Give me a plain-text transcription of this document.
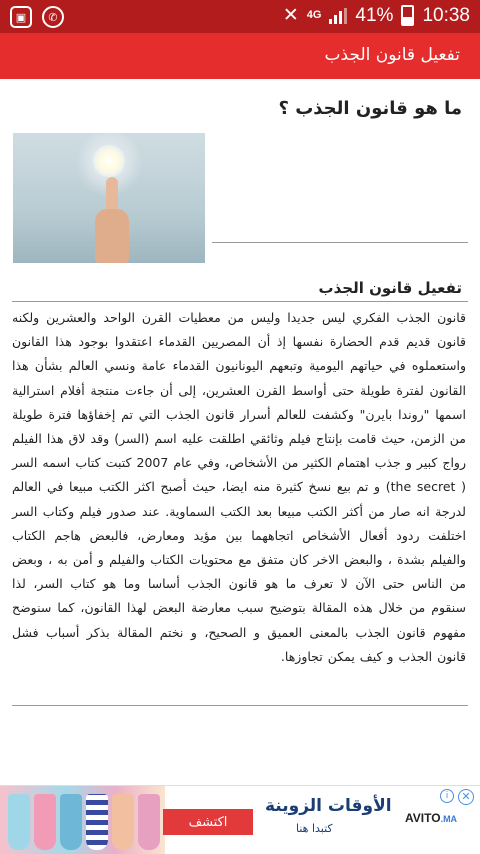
▣	✆	✕ 4G 41% 10:38
تفعيل قانون الجذب
ما هو قانون الجذب ؟
تفعيل قانون الجذب
قانون الجذب الفكري ليس جديدا وليس من معطيات القرن الواحد والعشرين ولكنه قانون قديم قدم الحضارة نفسها إذ أن المصريين القدماء اعتقدوا بوجود هذا القانون واستعملوه في حياتهم اليومية وتبعهم اليونانيون القدماء عامة ونسي العالم بشأن هذا القانون لفترة طويلة حتى أواسط القرن العشرين، إلى أن جاءت منتجة أفلام استرالية اسمها "روندا بايرن" وكشفت للعالم أسرار قانون الجذب التي تم إخفاؤها فترة طويلة من الزمن، حيث قامت بإنتاج فيلم وثائقي اطلقت عليه اسم (السر) وقد لاق هذا الفيلم رواج كبير و جذب اهتمام الكثير من الأشخاص، وفي عام 2007 كتبت كتاب اسمه السر ( the secret) و تم بيع نسخ كثيرة منه ايضا، حيث أصبح اكثر الكتب مبيعا في العالم لدرجة انه صار من أكثر الكتب مبيعا بعد الكتب السماوية. عند صدور فيلم وكتاب السر اختلفت ردود أفعال الأشخاص اتجاههما بين مؤيد ومعارض، فالبعض هاجم الكتاب والفيلم بشدة ، والبعض الاخر كان متفق مع محتويات الكتاب والفيلم و أمن به ، وبعض من الناس حتى الآن لا تعرف ما هو قانون الجذب أساسا وما هو كتاب السر، لذا سنقوم من خلال هذه المقالة بتوضيح سبب معارضة البعض لهذا القانون، كما سنوضح مفهوم قانون الجذب بالمعنى العميق و الصحيح، و نختم المقالة بذكر أسباب فشل قانون الجذب و كيف يمكن تجاوزها.
اكتشف
الأوقات الزوينة
كتبدا هنا
AVITO.MA
i	✕
